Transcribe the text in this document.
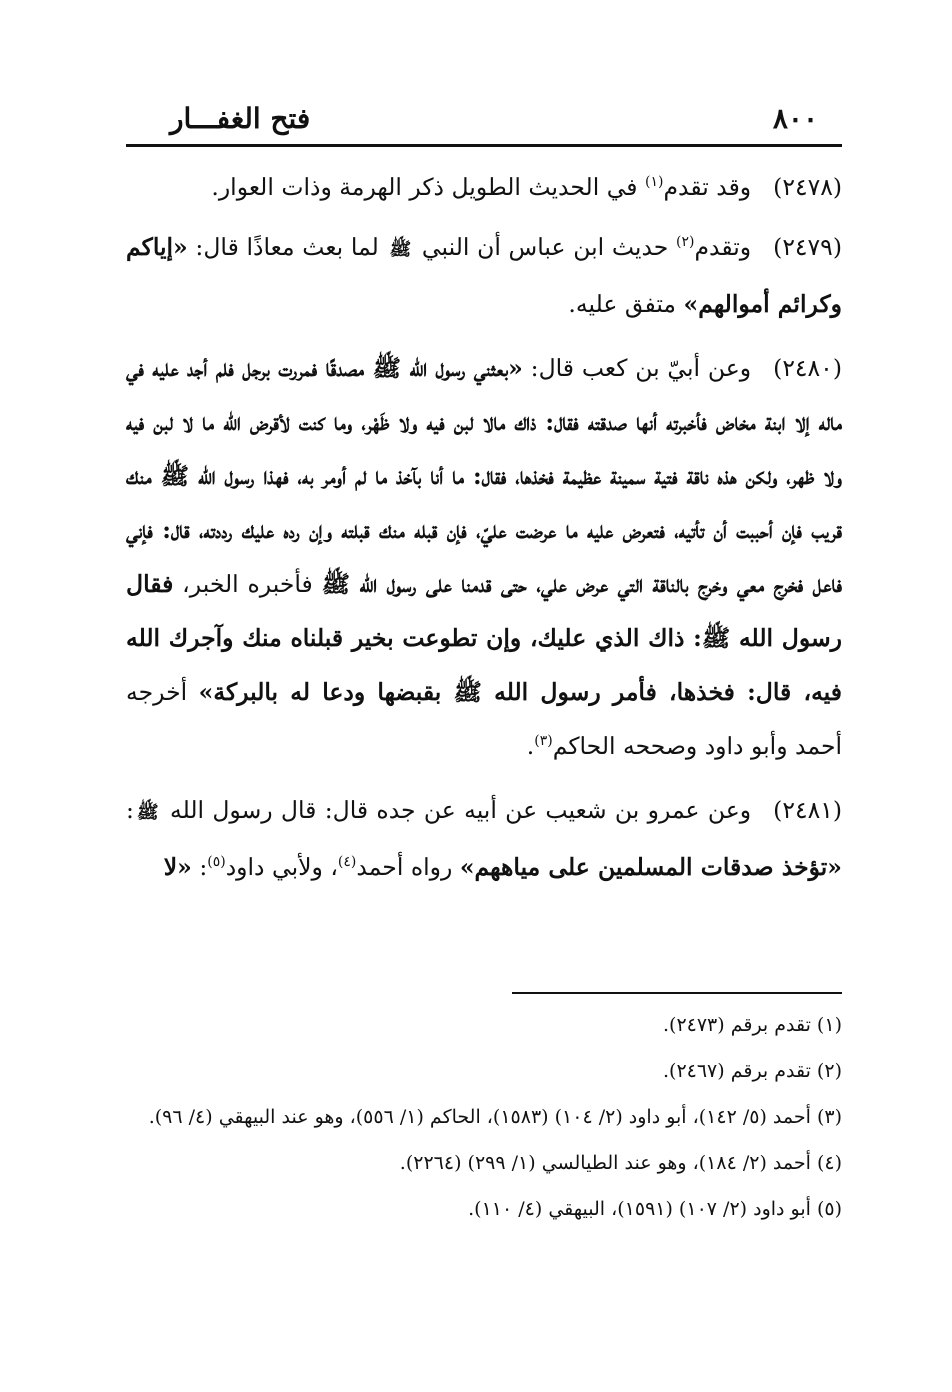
٨٠٠
فتح الغفـــار

(٢٤٧٨)وقد تقدم$^{(١)}$ في الحديث الطويل ذكر الهرمة وذات العوار.

(٢٤٧٩)وتقدم$^{(٢)}$ حديث ابن عباس أن النبي ﷺ لما بعث معاذًا قال: «إياكم وكرائم أموالهم» متفق عليه.

(٢٤٨٠)وعن أبيّ بن كعب قال: «بعثني رسول الله ﷺ مصدقًا فمررت برجل فلم أجد عليه في ماله إلا ابنة مخاض فأخبرته أنها صدقته فقال: ذاك مالا لبن فيه ولا ظَهْر، وما كنت لأقرض الله ما لا لبن فيه ولا ظهر، ولكن هذه ناقة فتية سمينة عظيمة فخذها، فقال: ما أنا بآخذ ما لم أومر به، فهذا رسول الله ﷺ منك قريب فإن أحببت أن تأتيه، فتعرض عليه ما عرضت عليّ، فإن قبله منك قبلته وإن رده عليك رددته، قال: فإني فاعل فخرج معي وخرج بالناقة التي عرض علي، حتى قدمنا على رسول الله ﷺ فأخبره الخبر، فقال رسول الله ﷺ: ذاك الذي عليك، وإن تطوعت بخير قبلناه منك وآجرك الله فيه، قال: فخذها، فأمر رسول الله ﷺ بقبضها ودعا له بالبركة» أخرجه أحمد وأبو داود وصححه الحاكم$^{(٣)}$.

(٢٤٨١)وعن عمرو بن شعيب عن أبيه عن جده قال: قال رسول الله ﷺ: «تؤخذ صدقات المسلمين على مياههم» رواه أحمد$^{(٤)}$، ولأبي داود$^{(٥)}$: «لا

(١) تقدم برقم (٢٤٧٣).

(٢) تقدم برقم (٢٤٦٧).

(٣) أحمد (٥/ ١٤٢)، أبو داود (٢/ ١٠٤) (١٥٨٣)، الحاكم (١/ ٥٥٦)، وهو عند البيهقي (٤/ ٩٦).

(٤) أحمد (٢/ ١٨٤)، وهو عند الطيالسي (١/ ٢٩٩) (٢٢٦٤).

(٥) أبو داود (٢/ ١٠٧) (١٥٩١)، البيهقي (٤/ ١١٠).
